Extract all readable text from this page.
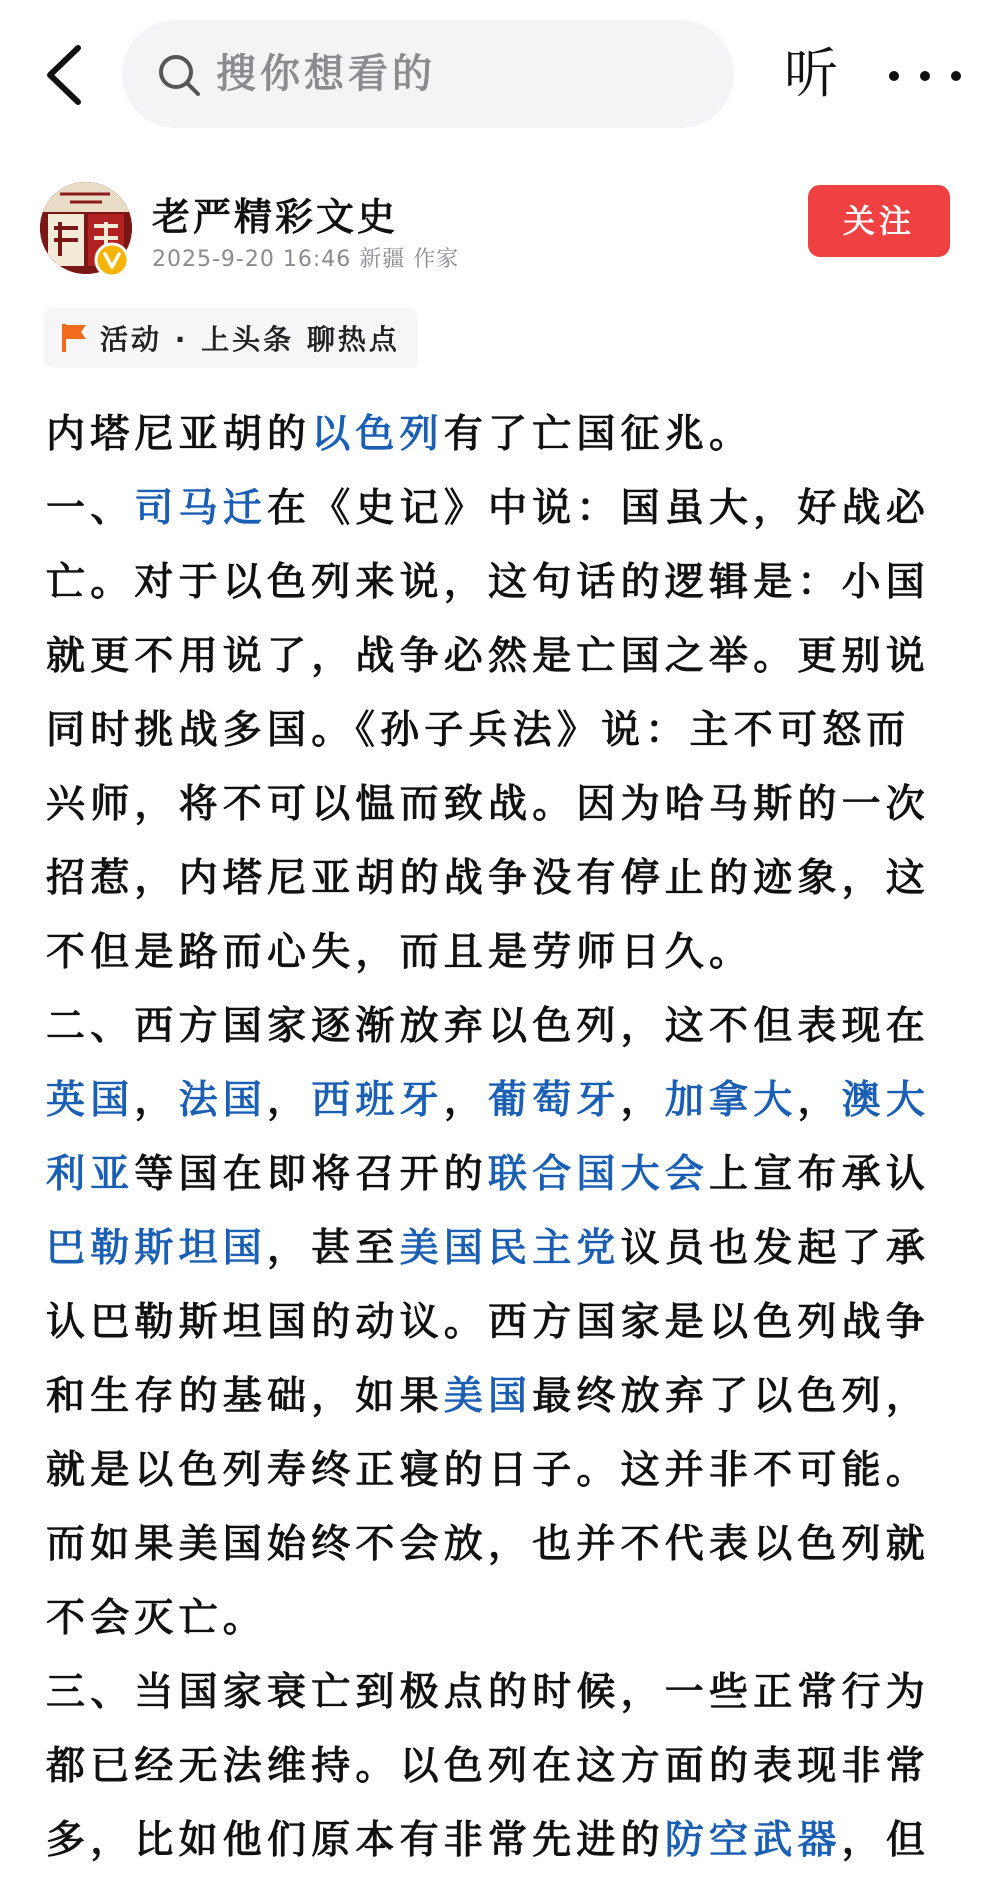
搜你想看的	听
老严精彩文史
2025-9-20 16:46 新疆 作家
关注
活动 · 上头条 聊热点

内塔尼亚胡的以色列有了亡国征兆。

一、司马迁在《史记》中说：国虽大，好战必亡。对于以色列来说，这句话的逻辑是：小国就更不用说了，战争必然是亡国之举。更别说同时挑战多国。《孙子兵法》说：主不可怒而兴师，将不可以愠而致战。因为哈马斯的一次招惹，内塔尼亚胡的战争没有停止的迹象，这不但是路而心失，而且是劳师日久。

二、西方国家逐渐放弃以色列，这不但表现在英国，法国，西班牙，葡萄牙，加拿大，澳大利亚等国在即将召开的联合国大会上宣布承认巴勒斯坦国，甚至美国民主党议员也发起了承认巴勒斯坦国的动议。西方国家是以色列战争和生存的基础，如果美国最终放弃了以色列，就是以色列寿终正寝的日子。这并非不可能。而如果美国始终不会放，也并不代表以色列就不会灭亡。

三、当国家衰亡到极点的时候，一些正常行为都已经无法维持。以色列在这方面的表现非常多，比如他们原本有非常先进的防空武器，但
